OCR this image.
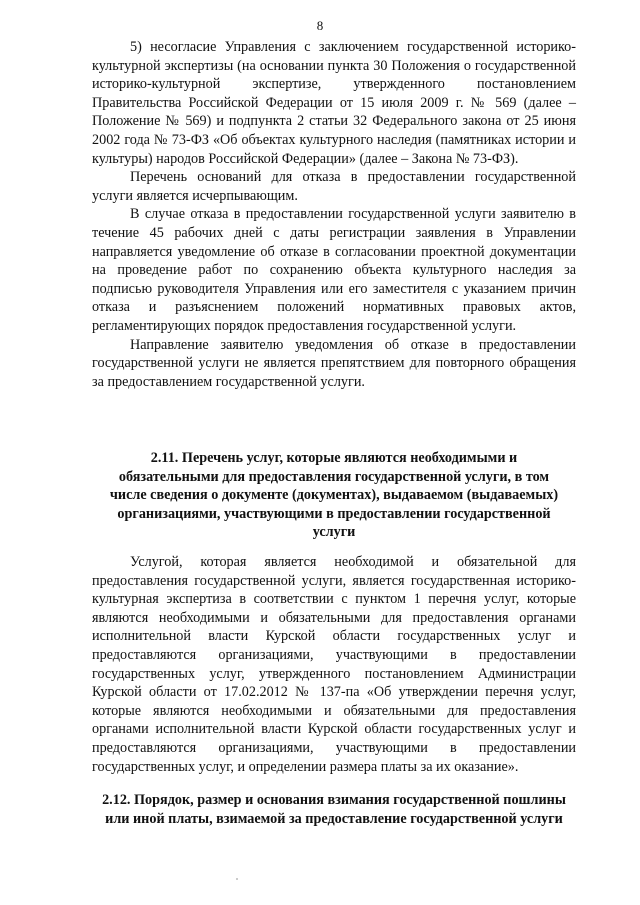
8

5) несогласие Управления с заключением государственной историко-культурной экспертизы (на основании пункта 30 Положения о государственной историко-культурной экспертизе, утвержденного постановлением Правительства Российской Федерации от 15 июля 2009 г. № 569 (далее – Положение № 569) и подпункта 2 статьи 32 Федерального закона от 25 июня 2002 года № 73-ФЗ «Об объектах культурного наследия (памятниках истории и культуры) народов Российской Федерации» (далее – Закона № 73-ФЗ).

Перечень оснований для отказа в предоставлении государственной услуги является исчерпывающим.

В случае отказа в предоставлении государственной услуги заявителю в течение 45 рабочих дней с даты регистрации заявления в Управлении направляется уведомление об отказе в согласовании проектной документации на проведение работ по сохранению объекта культурного наследия за подписью руководителя Управления или его заместителя с указанием причин отказа и разъяснением положений нормативных правовых актов, регламентирующих порядок предоставления государственной услуги.

Направление заявителю уведомления об отказе в предоставлении государственной услуги не является препятствием для повторного обращения за предоставлением государственной услуги.

2.11. Перечень услуг, которые являются необходимыми и обязательными для предоставления государственной услуги, в том числе сведения о документе (документах), выдаваемом (выдаваемых) организациями, участвующими в предоставлении государственной услуги

Услугой, которая является необходимой и обязательной для предоставления государственной услуги, является государственная историко-культурная экспертиза в соответствии с пунктом 1 перечня услуг, которые являются необходимыми и обязательными для предоставления органами исполнительной власти Курской области государственных услуг и предоставляются организациями, участвующими в предоставлении государственных услуг, утвержденного постановлением Администрации Курской области от 17.02.2012 № 137-па «Об утверждении перечня услуг, которые являются необходимыми и обязательными для предоставления органами исполнительной власти Курской области государственных услуг и предоставляются организациями, участвующими в предоставлении государственных услуг, и определении размера платы за их оказание».

2.12. Порядок, размер и основания взимания государственной пошлины или иной платы, взимаемой за предоставление государственной услуги
